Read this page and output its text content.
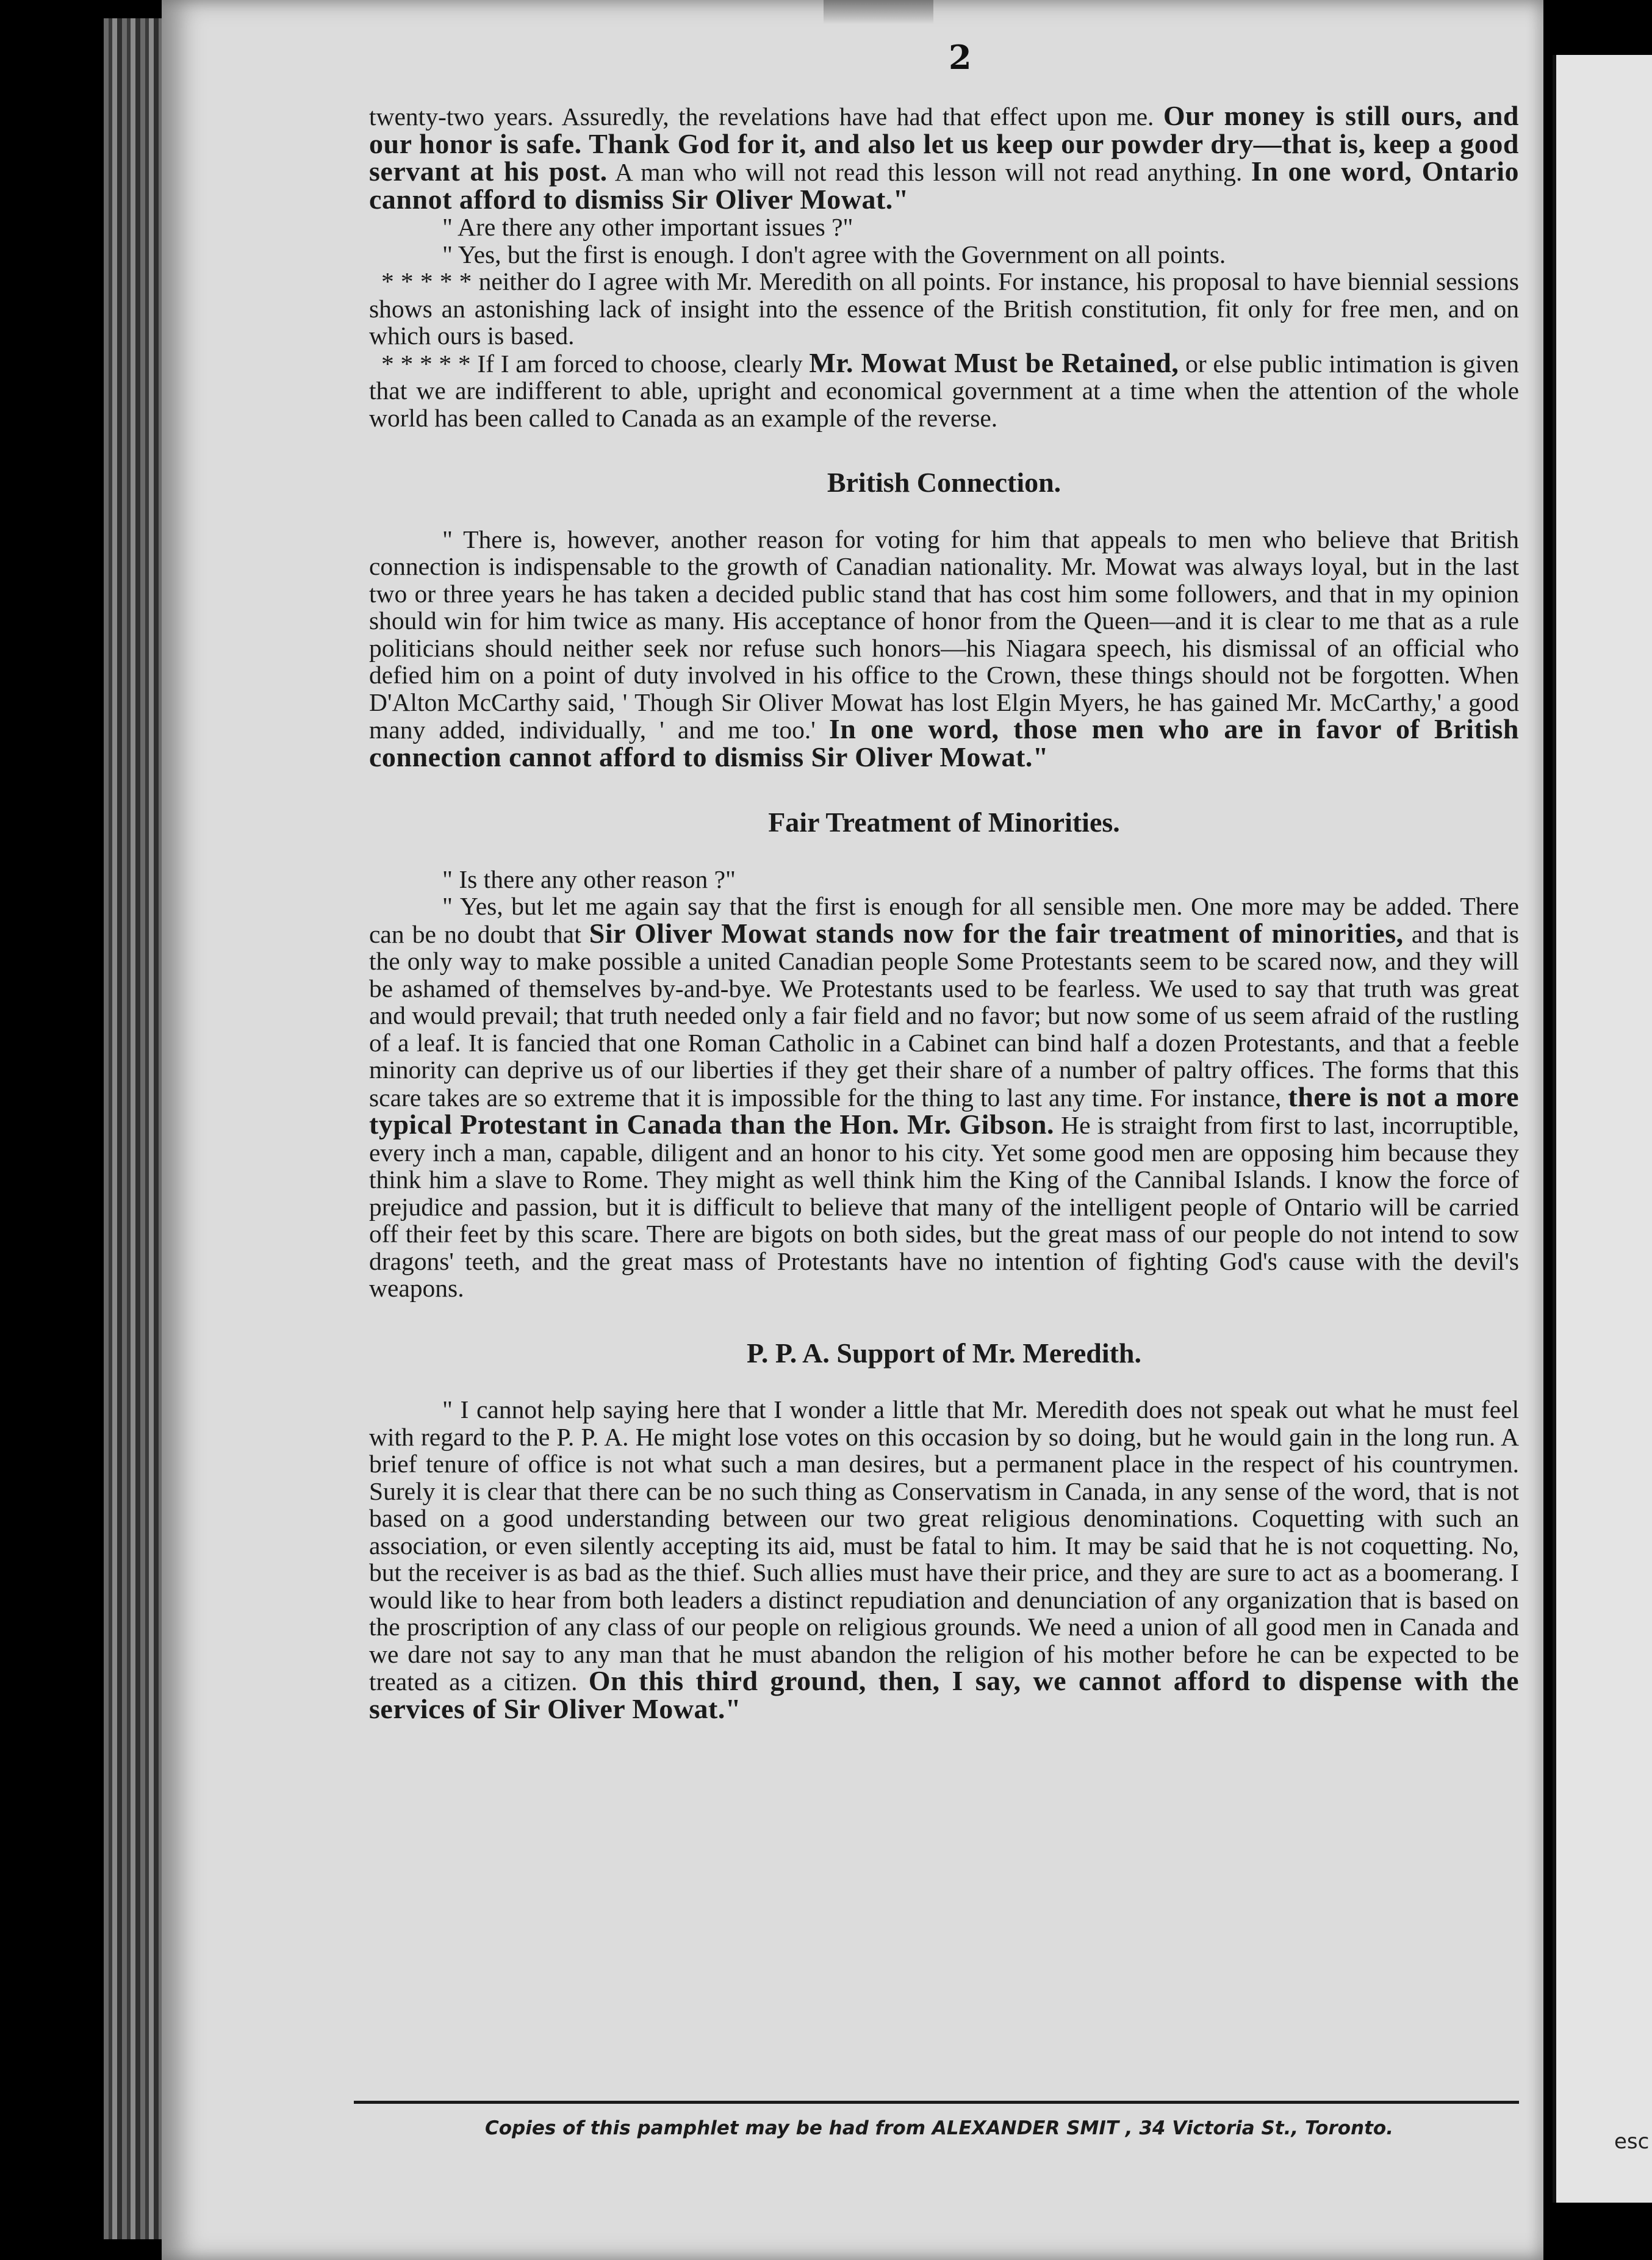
esc
2

twenty-two years. Assuredly, the revelations have had that effect upon me. Our money is still ours, and our honor is safe. Thank God for it, and also let us keep our powder dry—that is, keep a good servant at his post. A man who will not read this lesson will not read anything. In one word, Ontario cannot afford to dismiss Sir Oliver Mowat."

" Are there any other important issues ?"

" Yes, but the first is enough. I don't agree with the Government on all points.

* * * * * neither do I agree with Mr. Meredith on all points. For instance, his proposal to have biennial sessions shows an astonishing lack of insight into the essence of the British constitution, fit only for free men, and on which ours is based.

* * * * * If I am forced to choose, clearly Mr. Mowat Must be Retained, or else public intimation is given that we are indifferent to able, upright and economical government at a time when the attention of the whole world has been called to Canada as an example of the reverse.

British Connection.

" There is, however, another reason for voting for him that appeals to men who believe that British connection is indispensable to the growth of Canadian nationality. Mr. Mowat was always loyal, but in the last two or three years he has taken a decided public stand that has cost him some followers, and that in my opinion should win for him twice as many. His acceptance of honor from the Queen—and it is clear to me that as a rule politicians should neither seek nor refuse such honors—his Niagara speech, his dismissal of an official who defied him on a point of duty involved in his office to the Crown, these things should not be forgotten. When D'Alton McCarthy said, ' Though Sir Oliver Mowat has lost Elgin Myers, he has gained Mr. McCarthy,' a good many added, individually, ' and me too.' In one word, those men who are in favor of British connection cannot afford to dismiss Sir Oliver Mowat."

Fair Treatment of Minorities.

" Is there any other reason ?"

" Yes, but let me again say that the first is enough for all sensible men. One more may be added. There can be no doubt that Sir Oliver Mowat stands now for the fair treatment of minorities, and that is the only way to make possible a united Canadian people Some Protestants seem to be scared now, and they will be ashamed of themselves by-and-bye. We Protestants used to be fearless. We used to say that truth was great and would prevail; that truth needed only a fair field and no favor; but now some of us seem afraid of the rustling of a leaf. It is fancied that one Roman Catholic in a Cabinet can bind half a dozen Protestants, and that a feeble minority can deprive us of our liberties if they get their share of a number of paltry offices. The forms that this scare takes are so extreme that it is impossible for the thing to last any time. For instance, there is not a more typical Protestant in Canada than the Hon. Mr. Gibson. He is straight from first to last, incorruptible, every inch a man, capable, diligent and an honor to his city. Yet some good men are opposing him because they think him a slave to Rome. They might as well think him the King of the Cannibal Islands. I know the force of prejudice and passion, but it is difficult to believe that many of the intelligent people of Ontario will be carried off their feet by this scare. There are bigots on both sides, but the great mass of our people do not intend to sow dragons' teeth, and the great mass of Protestants have no intention of fighting God's cause with the devil's weapons.

P. P. A. Support of Mr. Meredith.

" I cannot help saying here that I wonder a little that Mr. Meredith does not speak out what he must feel with regard to the P. P. A. He might lose votes on this occasion by so doing, but he would gain in the long run. A brief tenure of office is not what such a man desires, but a permanent place in the respect of his countrymen. Surely it is clear that there can be no such thing as Conservatism in Canada, in any sense of the word, that is not based on a good understanding between our two great religious denominations. Coquetting with such an association, or even silently accepting its aid, must be fatal to him. It may be said that he is not coquetting. No, but the receiver is as bad as the thief. Such allies must have their price, and they are sure to act as a boomerang. I would like to hear from both leaders a distinct repudiation and denunciation of any organization that is based on the proscription of any class of our people on religious grounds. We need a union of all good men in Canada and we dare not say to any man that he must abandon the religion of his mother before he can be expected to be treated as a citizen. On this third ground, then, I say, we cannot afford to dispense with the services of Sir Oliver Mowat."

Copies of this pamphlet may be had from ALEXANDER SMIT , 34 Victoria St., Toronto.
